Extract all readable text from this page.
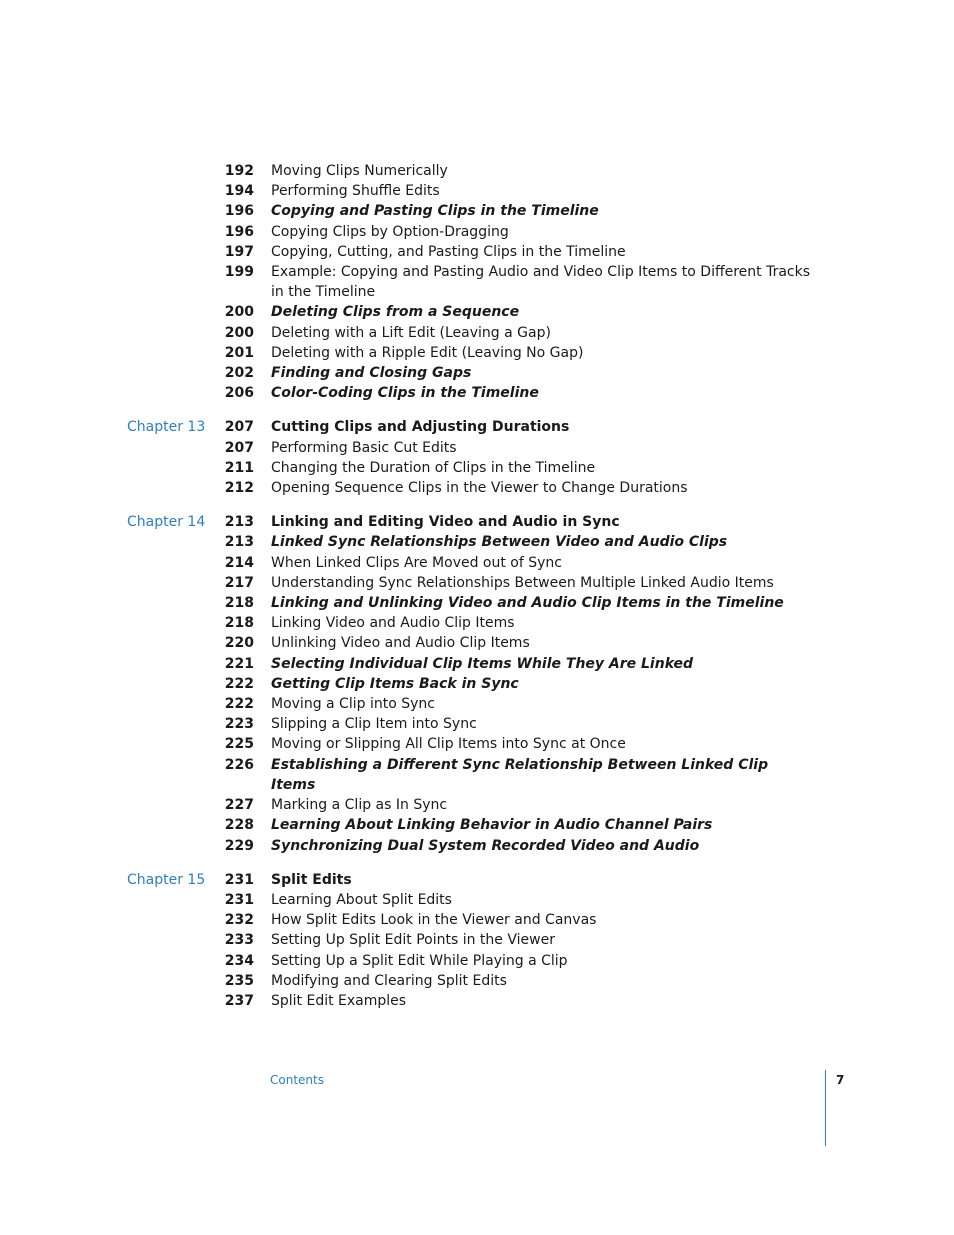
192 Moving Clips Numerically
194 Performing Shuffle Edits
196 Copying and Pasting Clips in the Timeline
196 Copying Clips by Option-Dragging
197 Copying, Cutting, and Pasting Clips in the Timeline
199 Example: Copying and Pasting Audio and Video Clip Items to Different Tracks in the Timeline
200 Deleting Clips from a Sequence
200 Deleting with a Lift Edit (Leaving a Gap)
201 Deleting with a Ripple Edit (Leaving No Gap)
202 Finding and Closing Gaps
206 Color-Coding Clips in the Timeline
Chapter 13	207 Cutting Clips and Adjusting Durations
207 Performing Basic Cut Edits
211 Changing the Duration of Clips in the Timeline
212 Opening Sequence Clips in the Viewer to Change Durations
Chapter 14	213 Linking and Editing Video and Audio in Sync
213 Linked Sync Relationships Between Video and Audio Clips
214 When Linked Clips Are Moved out of Sync
217 Understanding Sync Relationships Between Multiple Linked Audio Items
218 Linking and Unlinking Video and Audio Clip Items in the Timeline
218 Linking Video and Audio Clip Items
220 Unlinking Video and Audio Clip Items
221 Selecting Individual Clip Items While They Are Linked
222 Getting Clip Items Back in Sync
222 Moving a Clip into Sync
223 Slipping a Clip Item into Sync
225 Moving or Slipping All Clip Items into Sync at Once
226 Establishing a Different Sync Relationship Between Linked Clip Items
227 Marking a Clip as In Sync
228 Learning About Linking Behavior in Audio Channel Pairs
229 Synchronizing Dual System Recorded Video and Audio
Chapter 15	231 Split Edits
231 Learning About Split Edits
232 How Split Edits Look in the Viewer and Canvas
233 Setting Up Split Edit Points in the Viewer
234 Setting Up a Split Edit While Playing a Clip
235 Modifying and Clearing Split Edits
237 Split Edit Examples
Contents	7
